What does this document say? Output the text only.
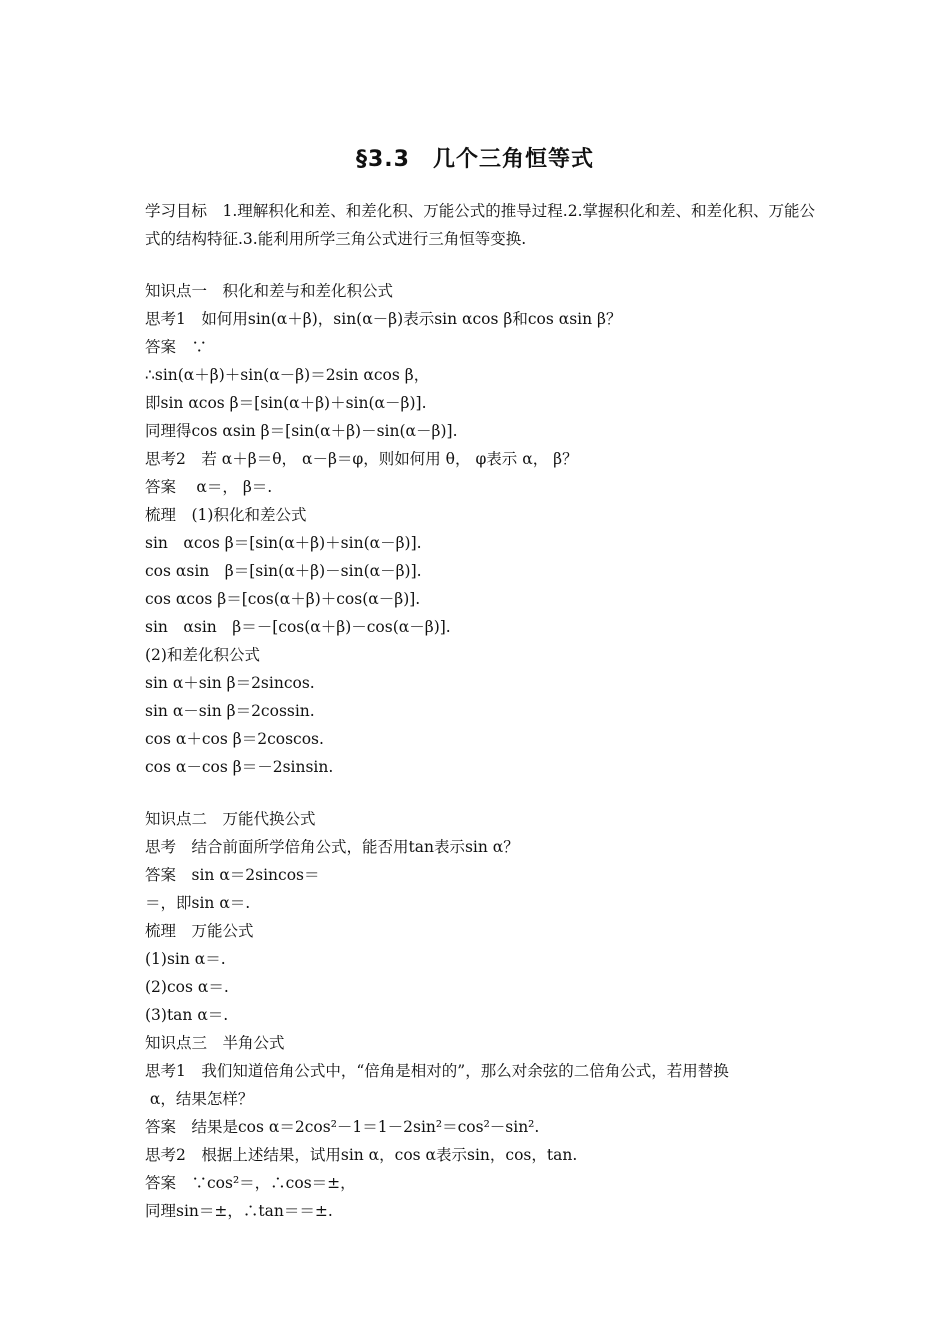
§3.3　几个三角恒等式
学习目标　1.理解积化和差、和差化积、万能公式的推导过程.2.掌握积化和差、和差化积、万能公式的结构特征.3.能利用所学三角公式进行三角恒等变换.
知识点一　积化和差与和差化积公式
思考1　如何用sin(α＋β)，sin(α－β)表示sin αcos β和cos αsin β？
答案　∵
∴sin(α＋β)＋sin(α－β)＝2sin αcos β，
即sin αcos β＝[sin(α＋β)＋sin(α－β)].
同理得cos αsin β＝[sin(α＋β)－sin(α－β)].
思考2　若 α＋β＝θ， α－β＝φ，则如何用 θ， φ表示 α， β？
答案　 α＝， β＝.
梳理　(1)积化和差公式
sin　αcos β＝[sin(α＋β)＋sin(α－β)].
cos αsin　β＝[sin(α＋β)－sin(α－β)].
cos αcos β＝[cos(α＋β)＋cos(α－β)].
sin　αsin　β＝－[cos(α＋β)－cos(α－β)].
(2)和差化积公式
sin α＋sin β＝2sincos.
sin α－sin β＝2cossin.
cos α＋cos β＝2coscos.
cos α－cos β＝－2sinsin.
知识点二　万能代换公式
思考　结合前面所学倍角公式，能否用tan表示sin α？
答案　sin α＝2sincos＝
＝，即sin α＝.
梳理　万能公式
(1)sin α＝.
(2)cos α＝.
(3)tan α＝.
知识点三　半角公式
思考1　我们知道倍角公式中，“倍角是相对的”，那么对余弦的二倍角公式，若用替换
α，结果怎样？
答案　结果是cos α＝2cos²－1＝1－2sin²＝cos²－sin².
思考2　根据上述结果，试用sin α，cos α表示sin，cos，tan.
答案　∵cos²＝，∴cos＝±，
同理sin＝±，∴tan＝＝±.
